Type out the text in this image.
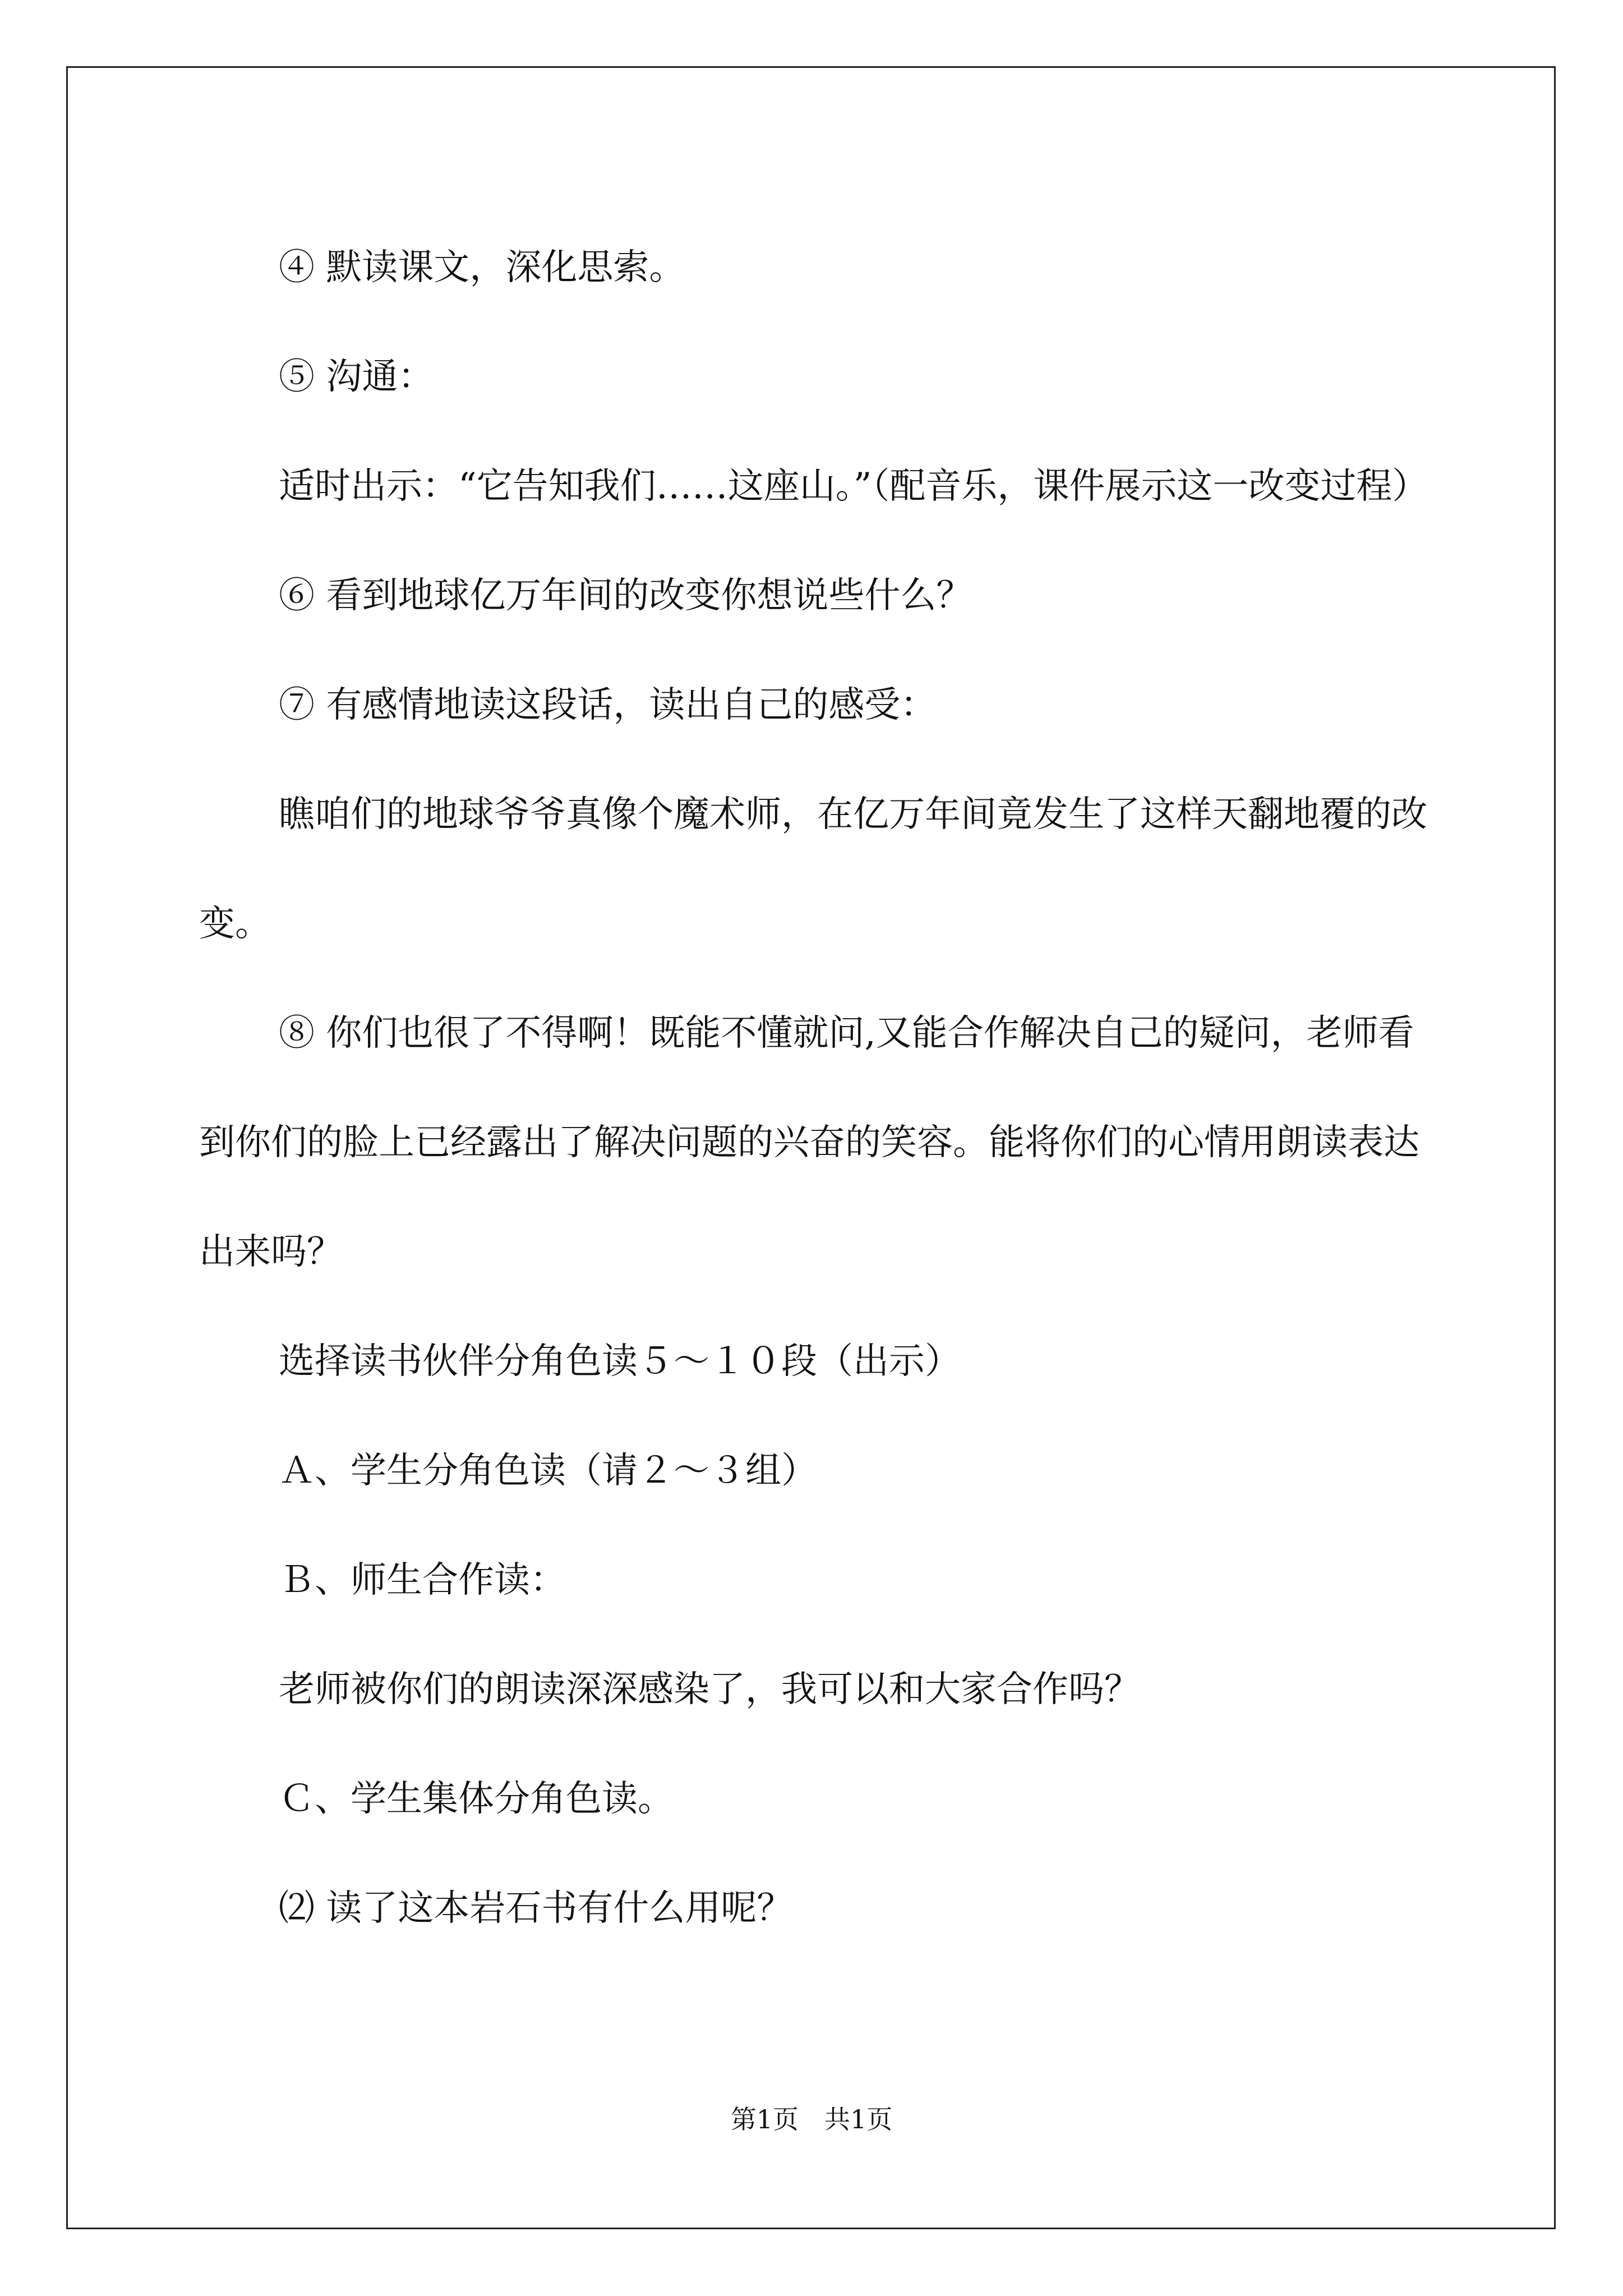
④ 默读课文，深化思索。

⑤ 沟通：

适时出示：“它告知我们……这座山。”（配音乐，课件展示这一改变过程）

⑥ 看到地球亿万年间的改变你想说些什么？

⑦ 有感情地读这段话，读出自己的感受：

瞧咱们的地球爷爷真像个魔术师，在亿万年间竟发生了这样天翻地覆的改变。

⑧ 你们也很了不得啊！既能不懂就问,又能合作解决自己的疑问，老师看到你们的脸上已经露出了解决问题的兴奋的笑容。能将你们的心情用朗读表达出来吗？

选择读书伙伴分角色读５～１０段（出示）

Ａ、学生分角色读（请２～３组）

Ｂ、师生合作读：

老师被你们的朗读深深感染了，我可以和大家合作吗？

Ｃ、学生集体分角色读。

⑵ 读了这本岩石书有什么用呢？

第1页　共1页
